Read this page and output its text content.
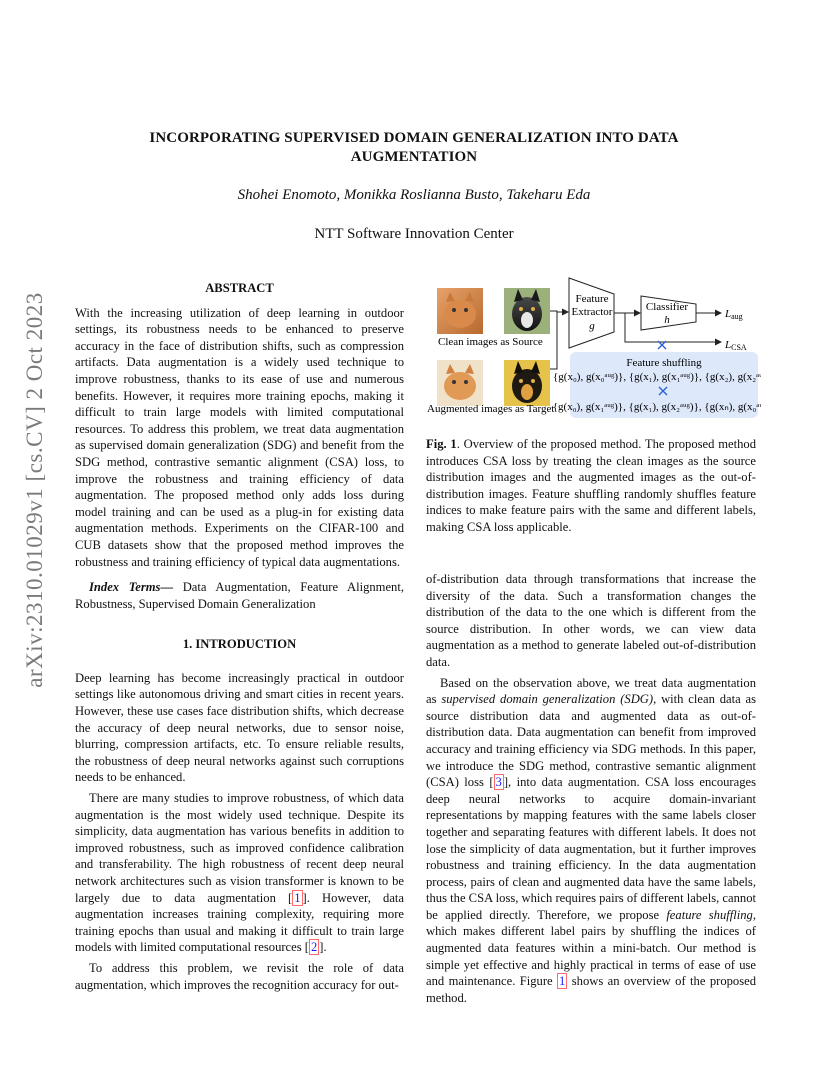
arXiv:2310.01029v1 [cs.CV] 2 Oct 2023
INCORPORATING SUPERVISED DOMAIN GENERALIZATION INTO DATA AUGMENTATION
Shohei Enomoto, Monikka Roslianna Busto, Takeharu Eda
NTT Software Innovation Center
ABSTRACT

With the increasing utilization of deep learning in outdoor settings, its robustness needs to be enhanced to preserve accuracy in the face of distribution shifts, such as compression artifacts. Data augmentation is a widely used technique to improve robustness, thanks to its ease of use and numerous benefits. However, it requires more training epochs, making it difficult to train large models with limited computational resources. To address this problem, we treat data augmentation as supervised domain generalization (SDG) and benefit from the SDG method, contrastive semantic alignment (CSA) loss, to improve the robustness and training efficiency of data augmentation. The proposed method only adds loss during model training and can be used as a plug-in for existing data augmentation methods. Experiments on the CIFAR-100 and CUB datasets show that the proposed method improves the robustness and training efficiency of typical data augmentations.

Index Terms— Data Augmentation, Feature Alignment, Robustness, Supervised Domain Generalization

1. INTRODUCTION

Deep learning has become increasingly practical in outdoor settings like autonomous driving and smart cities in recent years. However, these use cases face distribution shifts, which decrease the accuracy of deep neural networks, due to sensor noise, blurring, compression artifacts, etc. To ensure reliable results, the robustness of deep neural networks against such corruptions needs to be enhanced.

There are many studies to improve robustness, of which data augmentation is the most widely used technique. Despite its simplicity, data augmentation has various benefits in addition to improved robustness, such as improved confidence calibration and transferability. The high robustness of recent deep neural network architectures such as vision transformer is known to be largely due to data augmentation [ 1 ]. However, data augmentation increases training complexity, requiring more training epochs than usual and making it difficult to train large models with limited computational resources [ 2 ].

To address this problem, we revisit the role of data augmentation, which improves the recognition accuracy for out-

Clean images as Source
Augmented images as Target
Feature
Extractor
g
Classifier
h	Laug
LCSA
Feature shuffling
{g(x₀), g(x₀ᵃᵘᵍ)}, {g(x₁), g(x₁ᵃᵘᵍ)}, {g(x₂), g(x₂ᵃᵘᵍ)}
{g(x₀), g(x₁ᵃᵘᵍ)}, {g(x₁), g(x₂ᵃᵘᵍ)}, {g(xₙ), g(x₀ᵃᵘᵍ)}

Fig. 1. Overview of the proposed method. The proposed method introduces CSA loss by treating the clean images as the source distribution images and the augmented images as the out-of-distribution images. Feature shuffling randomly shuffles feature indices to make feature pairs with the same and different labels, making CSA loss applicable.

of-distribution data through transformations that increase the diversity of the data. Such a transformation changes the distribution of the data to the one which is different from the source distribution. In other words, we can view data augmentation as a method to generate labeled out-of-distribution data.

Based on the observation above, we treat data augmentation as supervised domain generalization (SDG), with clean data as source distribution data and augmented data as out-of-distribution data. Data augmentation can benefit from improved accuracy and training efficiency via SDG methods. In this paper, we introduce the SDG method, contrastive semantic alignment (CSA) loss [ 3 ], into data augmentation. CSA loss encourages deep neural networks to acquire domain-invariant representations by mapping features with the same labels closer together and separating features with different labels. It does not lose the simplicity of data augmentation, but it further improves robustness and training efficiency. In the data augmentation process, pairs of clean and augmented data have the same labels, thus the CSA loss, which requires pairs of different labels, cannot be applied directly. Therefore, we propose feature shuffling, which makes different label pairs by shuffling the indices of augmented data features within a mini-batch. Our method is simple yet effective and highly practical in terms of ease of use and maintenance. Figure 1 shows an overview of the proposed method.
